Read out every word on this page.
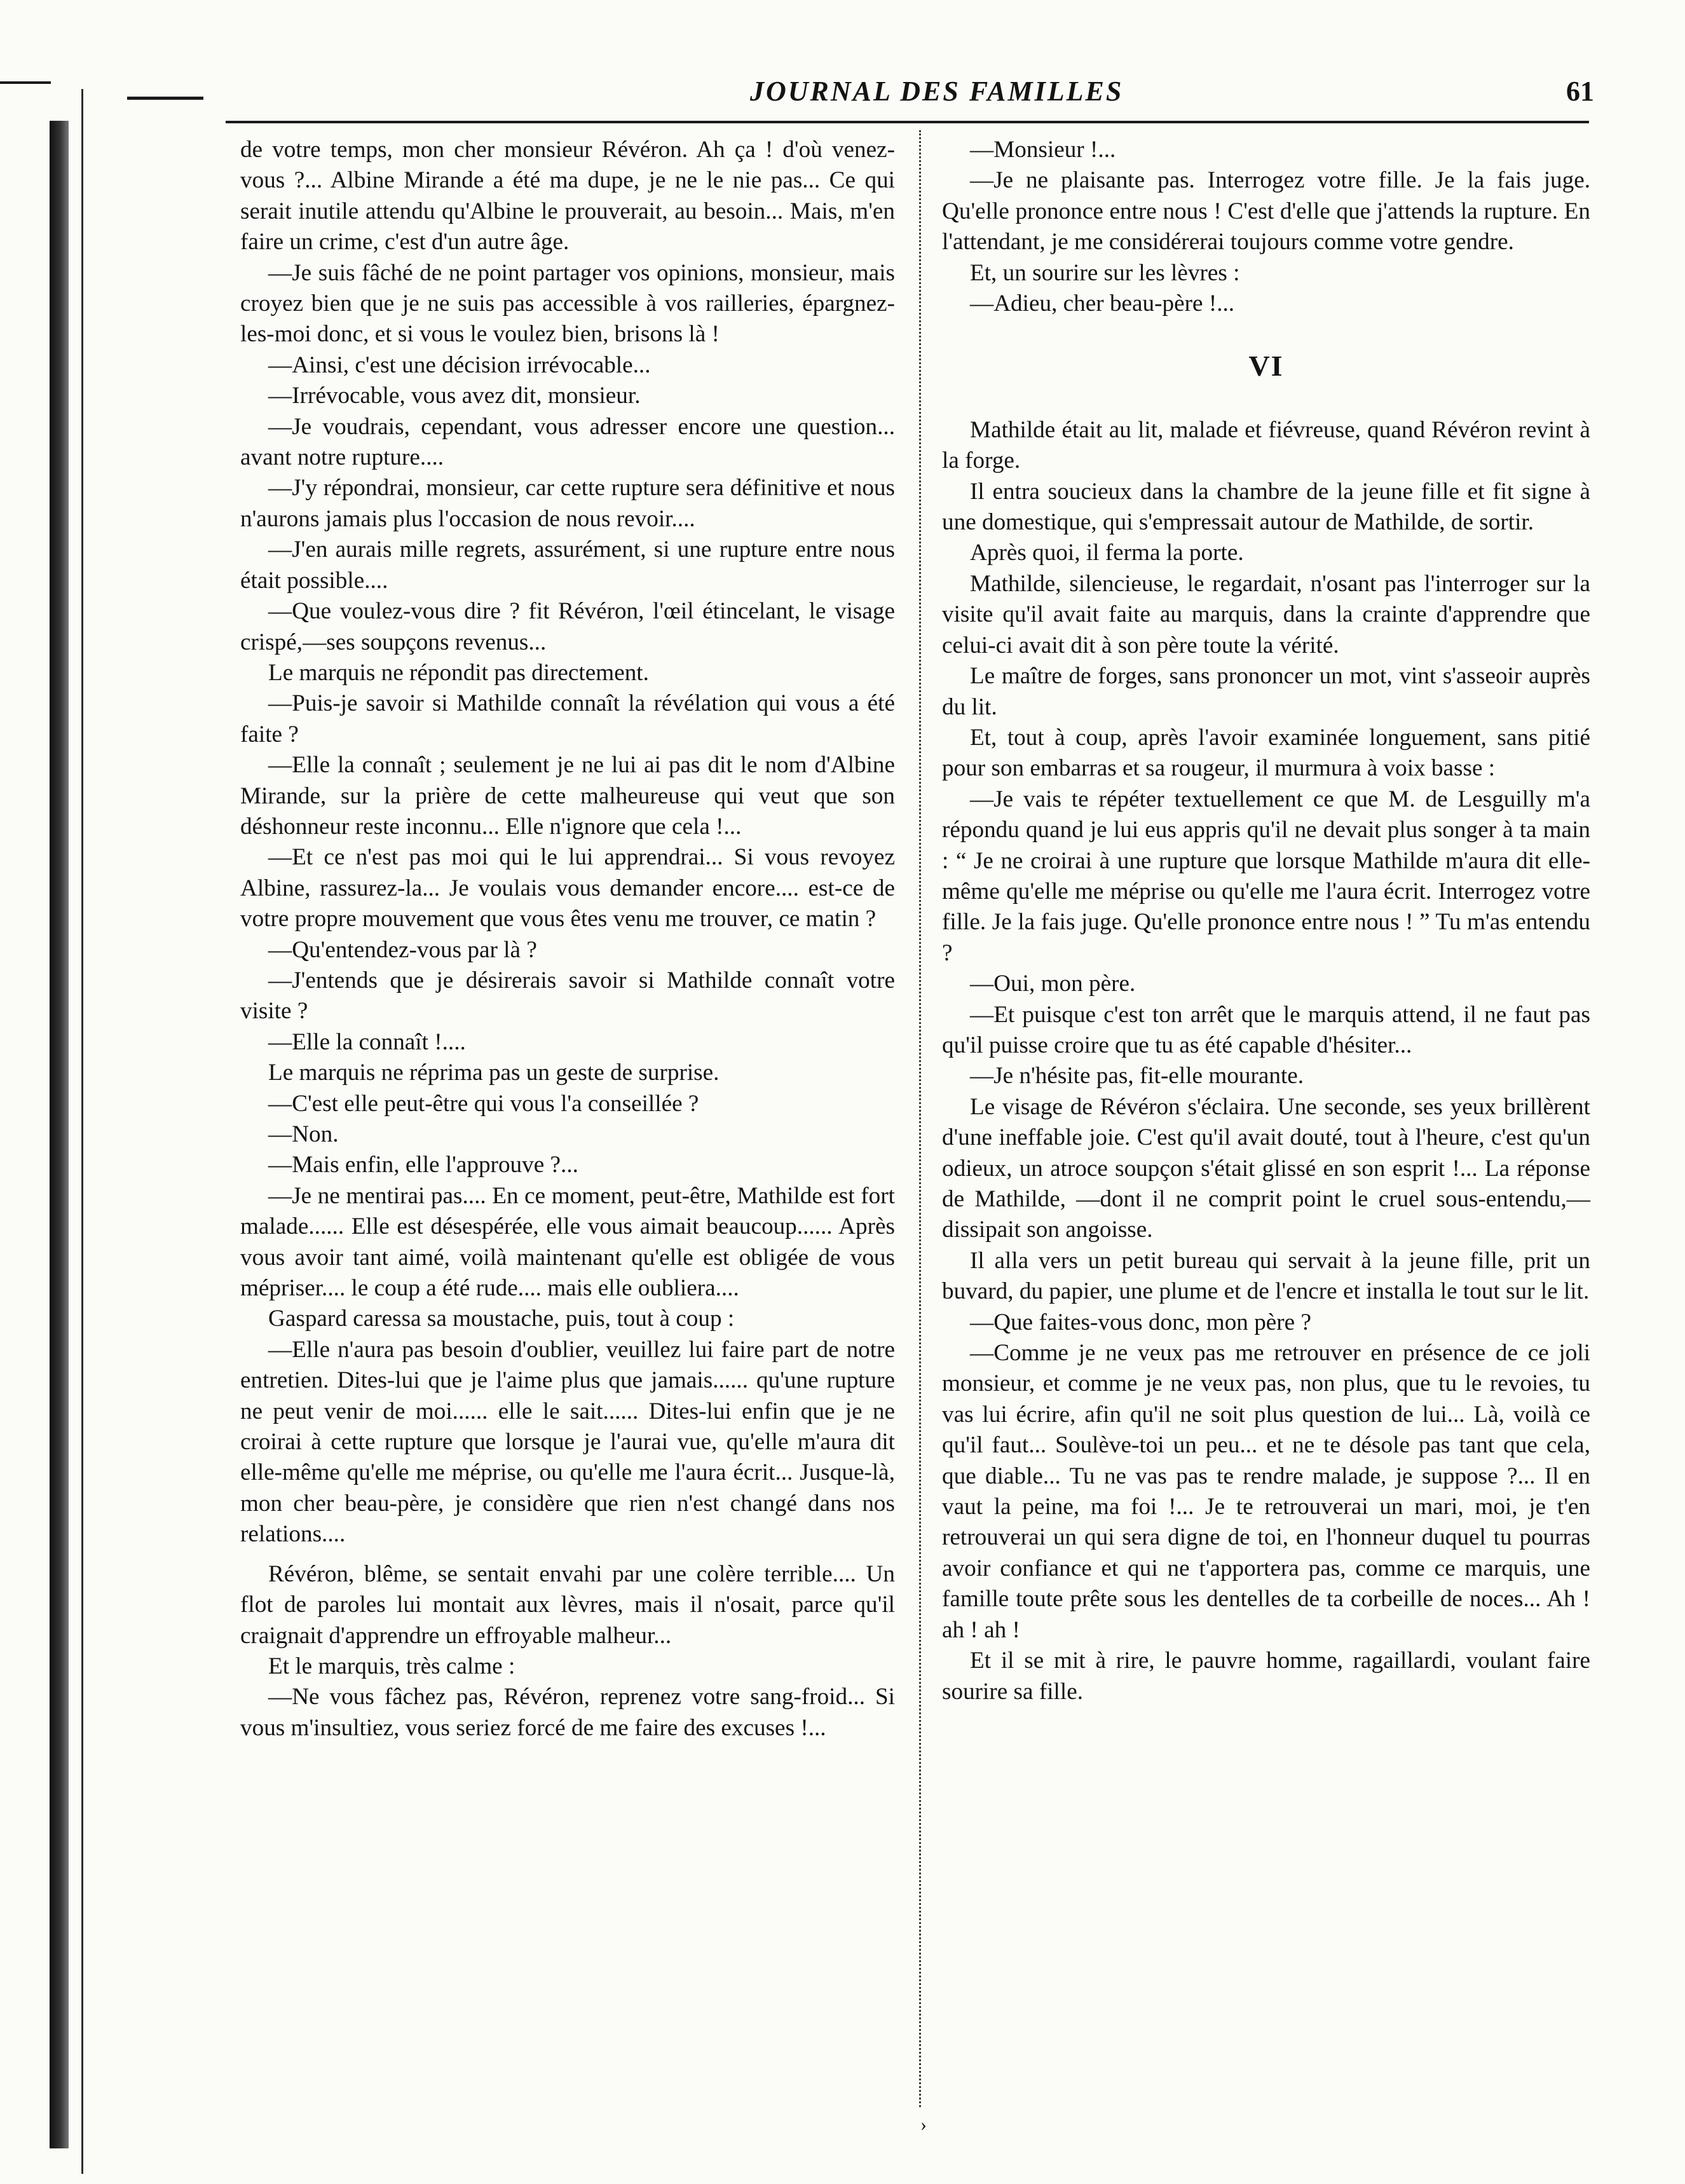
JOURNAL DES FAMILLES	61

de votre temps, mon cher monsieur Révéron. Ah ça ! d'où venez-vous ?... Albine Mirande a été ma dupe, je ne le nie pas... Ce qui serait inutile attendu qu'Albine le prouverait, au besoin... Mais, m'en faire un crime, c'est d'un autre âge.

—Je suis fâché de ne point partager vos opinions, monsieur, mais croyez bien que je ne suis pas accessible à vos railleries, épargnez-les-moi donc, et si vous le voulez bien, brisons là !

—Ainsi, c'est une décision irrévocable...

—Irrévocable, vous avez dit, monsieur.

—Je voudrais, cependant, vous adresser encore une question... avant notre rupture....

—J'y répondrai, monsieur, car cette rupture sera définitive et nous n'aurons jamais plus l'occasion de nous revoir....

—J'en aurais mille regrets, assurément, si une rupture entre nous était possible....

—Que voulez-vous dire ? fit Révéron, l'œil étincelant, le visage crispé,—ses soupçons revenus...

Le marquis ne répondit pas directement.

—Puis-je savoir si Mathilde connaît la révélation qui vous a été faite ?

—Elle la connaît ; seulement je ne lui ai pas dit le nom d'Albine Mirande, sur la prière de cette malheureuse qui veut que son déshonneur reste inconnu... Elle n'ignore que cela !...

—Et ce n'est pas moi qui le lui apprendrai... Si vous revoyez Albine, rassurez-la... Je voulais vous demander encore.... est-ce de votre propre mouvement que vous êtes venu me trouver, ce matin ?

—Qu'entendez-vous par là ?

—J'entends que je désirerais savoir si Mathilde connaît votre visite ?

—Elle la connaît !....

Le marquis ne réprima pas un geste de surprise.

—C'est elle peut-être qui vous l'a conseillée ?

—Non.

—Mais enfin, elle l'approuve ?...

—Je ne mentirai pas.... En ce moment, peut-être, Mathilde est fort malade...... Elle est désespérée, elle vous aimait beaucoup...... Après vous avoir tant aimé, voilà maintenant qu'elle est obligée de vous mépriser.... le coup a été rude.... mais elle oubliera....

Gaspard caressa sa moustache, puis, tout à coup :

—Elle n'aura pas besoin d'oublier, veuillez lui faire part de notre entretien. Dites-lui que je l'aime plus que jamais...... qu'une rupture ne peut venir de moi...... elle le sait...... Dites-lui enfin que je ne croirai à cette rupture que lorsque je l'aurai vue, qu'elle m'aura dit elle-même qu'elle me méprise, ou qu'elle me l'aura écrit... Jusque-là, mon cher beau-père, je considère que rien n'est changé dans nos relations....

Révéron, blême, se sentait envahi par une colère terrible.... Un flot de paroles lui montait aux lèvres, mais il n'osait, parce qu'il craignait d'apprendre un effroyable malheur...

Et le marquis, très calme :

—Ne vous fâchez pas, Révéron, reprenez votre sang-froid... Si vous m'insultiez, vous seriez forcé de me faire des excuses !...

—Monsieur !...

—Je ne plaisante pas. Interrogez votre fille. Je la fais juge. Qu'elle prononce entre nous ! C'est d'elle que j'attends la rupture. En l'attendant, je me considérerai toujours comme votre gendre.

Et, un sourire sur les lèvres :

—Adieu, cher beau-père !...

VI

Mathilde était au lit, malade et fiévreuse, quand Révéron revint à la forge.

Il entra soucieux dans la chambre de la jeune fille et fit signe à une domestique, qui s'empressait autour de Mathilde, de sortir.

Après quoi, il ferma la porte.

Mathilde, silencieuse, le regardait, n'osant pas l'interroger sur la visite qu'il avait faite au marquis, dans la crainte d'apprendre que celui-ci avait dit à son père toute la vérité.

Le maître de forges, sans prononcer un mot, vint s'asseoir auprès du lit.

Et, tout à coup, après l'avoir examinée longuement, sans pitié pour son embarras et sa rougeur, il murmura à voix basse :

—Je vais te répéter textuellement ce que M. de Lesguilly m'a répondu quand je lui eus appris qu'il ne devait plus songer à ta main : “ Je ne croirai à une rupture que lorsque Mathilde m'aura dit elle-même qu'elle me méprise ou qu'elle me l'aura écrit. Interrogez votre fille. Je la fais juge. Qu'elle prononce entre nous ! ” Tu m'as entendu ?

—Oui, mon père.

—Et puisque c'est ton arrêt que le marquis attend, il ne faut pas qu'il puisse croire que tu as été capable d'hésiter...

—Je n'hésite pas, fit-elle mourante.

Le visage de Révéron s'éclaira. Une seconde, ses yeux brillèrent d'une ineffable joie. C'est qu'il avait douté, tout à l'heure, c'est qu'un odieux, un atroce soupçon s'était glissé en son esprit !... La réponse de Mathilde, —dont il ne comprit point le cruel sous-entendu,—dissipait son angoisse.

Il alla vers un petit bureau qui servait à la jeune fille, prit un buvard, du papier, une plume et de l'encre et installa le tout sur le lit.

—Que faites-vous donc, mon père ?

—Comme je ne veux pas me retrouver en présence de ce joli monsieur, et comme je ne veux pas, non plus, que tu le revoies, tu vas lui écrire, afin qu'il ne soit plus question de lui... Là, voilà ce qu'il faut... Soulève-toi un peu... et ne te désole pas tant que cela, que diable... Tu ne vas pas te rendre malade, je suppose ?... Il en vaut la peine, ma foi !... Je te retrouverai un mari, moi, je t'en retrouverai un qui sera digne de toi, en l'honneur duquel tu pourras avoir confiance et qui ne t'apportera pas, comme ce marquis, une famille toute prête sous les dentelles de ta corbeille de noces... Ah ! ah ! ah !

Et il se mit à rire, le pauvre homme, ragaillardi, voulant faire sourire sa fille.

›
